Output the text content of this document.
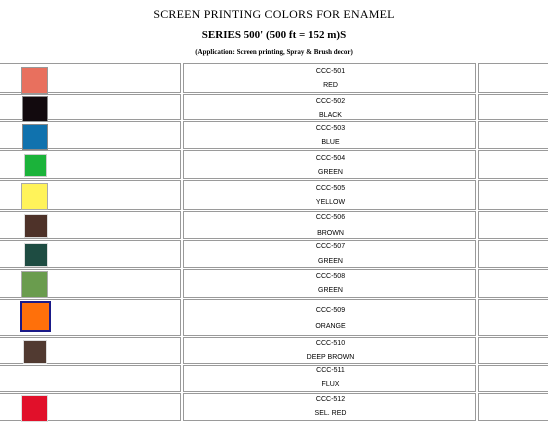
SCREEN PRINTING COLORS FOR ENAMEL
SERIES 500' (500 ft = 152 m)S
(Application: Screen printing, Spray & Brush decor)
CCC-501
RED
CCC-502
BLACK
CCC-503
BLUE
CCC-504
GREEN
CCC-505
YELLOW
CCC-506
BROWN
CCC-507
GREEN
CCC-508
GREEN
CCC-509
ORANGE
CCC-510
DEEP BROWN
CCC-511
FLUX
CCC-512
SEL. RED
